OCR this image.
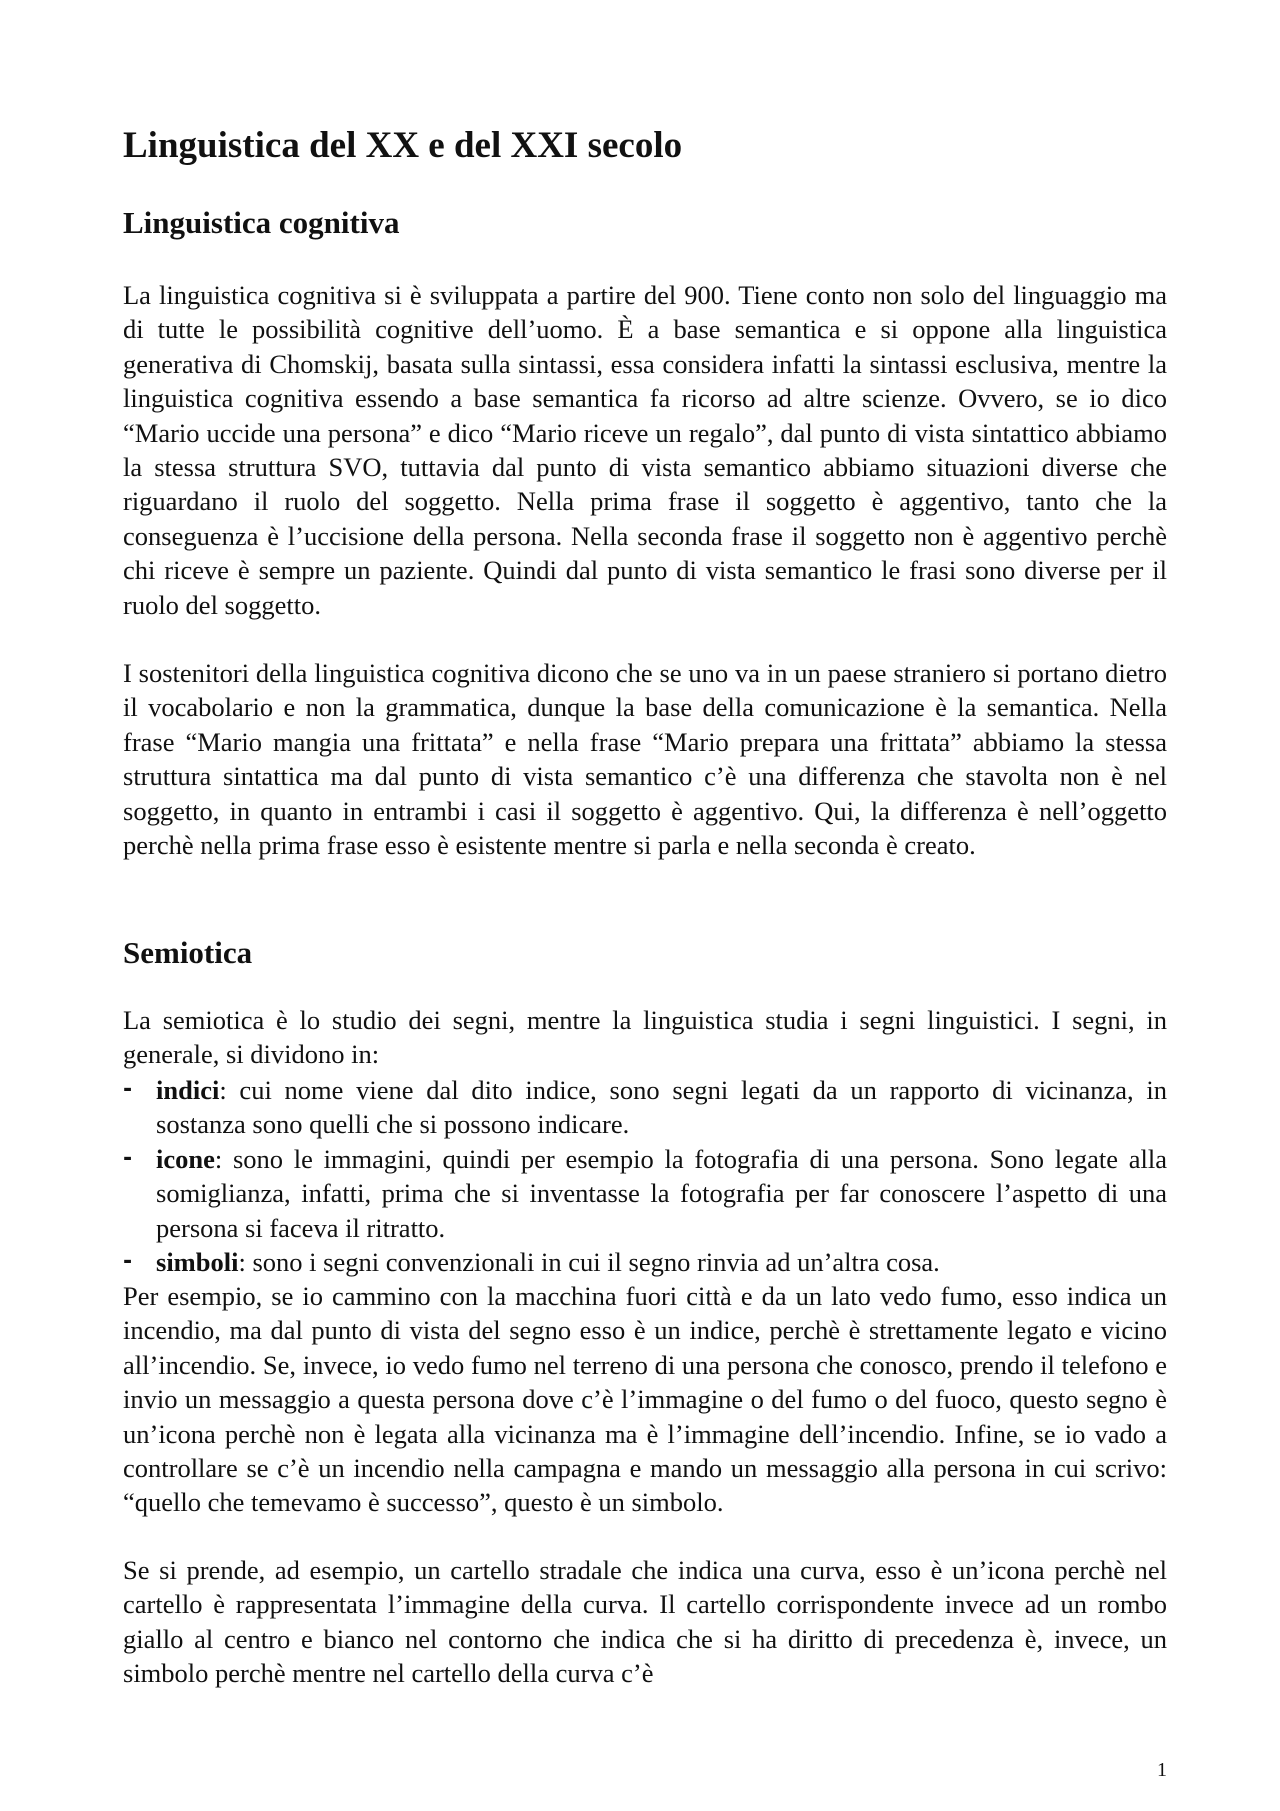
Linguistica del XX e del XXI secolo
Linguistica cognitiva

La linguistica cognitiva si è sviluppata a partire del 900. Tiene conto non solo del linguaggio ma di tutte le possibilità cognitive dell’uomo. È a base semantica e si oppone alla linguistica generativa di Chomskij, basata sulla sintassi, essa considera infatti la sintassi esclusiva, mentre la linguistica cognitiva essendo a base semantica fa ricorso ad altre scienze. Ovvero, se io dico “Mario uccide una persona” e dico “Mario riceve un regalo”, dal punto di vista sintattico abbiamo la stessa struttura SVO, tuttavia dal punto di vista semantico abbiamo situazioni diverse che riguardano il ruolo del soggetto. Nella prima frase il soggetto è aggentivo, tanto che la conseguenza è l’uccisione della persona. Nella seconda frase il soggetto non è aggentivo perchè chi riceve è sempre un paziente. Quindi dal punto di vista semantico le frasi sono diverse per il ruolo del soggetto.

I sostenitori della linguistica cognitiva dicono che se uno va in un paese straniero si portano dietro il vocabolario e non la grammatica, dunque la base della comunicazione è la semantica. Nella frase “Mario mangia una frittata” e nella frase “Mario prepara una frittata” abbiamo la stessa struttura sintattica ma dal punto di vista semantico c’è una differenza che stavolta non è nel soggetto, in quanto in entrambi i casi il soggetto è aggentivo. Qui, la differenza è nell’oggetto perchè nella prima frase esso è esistente mentre si parla e nella seconda è creato.

Semiotica

La semiotica è lo studio dei segni, mentre la linguistica studia i segni linguistici. I segni, in generale, si dividono in:

- indici: cui nome viene dal dito indice, sono segni legati da un rapporto di vicinanza, in sostanza sono quelli che si possono indicare.
- icone: sono le immagini, quindi per esempio la fotografia di una persona. Sono legate alla somiglianza, infatti, prima che si inventasse la fotografia per far conoscere l’aspetto di una persona si faceva il ritratto.
- simboli: sono i segni convenzionali in cui il segno rinvia ad un’altra cosa.

Per esempio, se io cammino con la macchina fuori città e da un lato vedo fumo, esso indica un incendio, ma dal punto di vista del segno esso è un indice, perchè è strettamente legato e vicino all’incendio. Se, invece, io vedo fumo nel terreno di una persona che conosco, prendo il telefono e invio un messaggio a questa persona dove c’è l’immagine o del fumo o del fuoco, questo segno è un’icona perchè non è legata alla vicinanza ma è l’immagine dell’incendio. Infine, se io vado a controllare se c’è un incendio nella campagna e mando un messaggio alla persona in cui scrivo: “quello che temevamo è successo”, questo è un simbolo.

Se si prende, ad esempio, un cartello stradale che indica una curva, esso è un’icona perchè nel cartello è rappresentata l’immagine della curva. Il cartello corrispondente invece ad un rombo giallo al centro e bianco nel contorno che indica che si ha diritto di precedenza è, invece, un simbolo perchè mentre nel cartello della curva c’è

1
